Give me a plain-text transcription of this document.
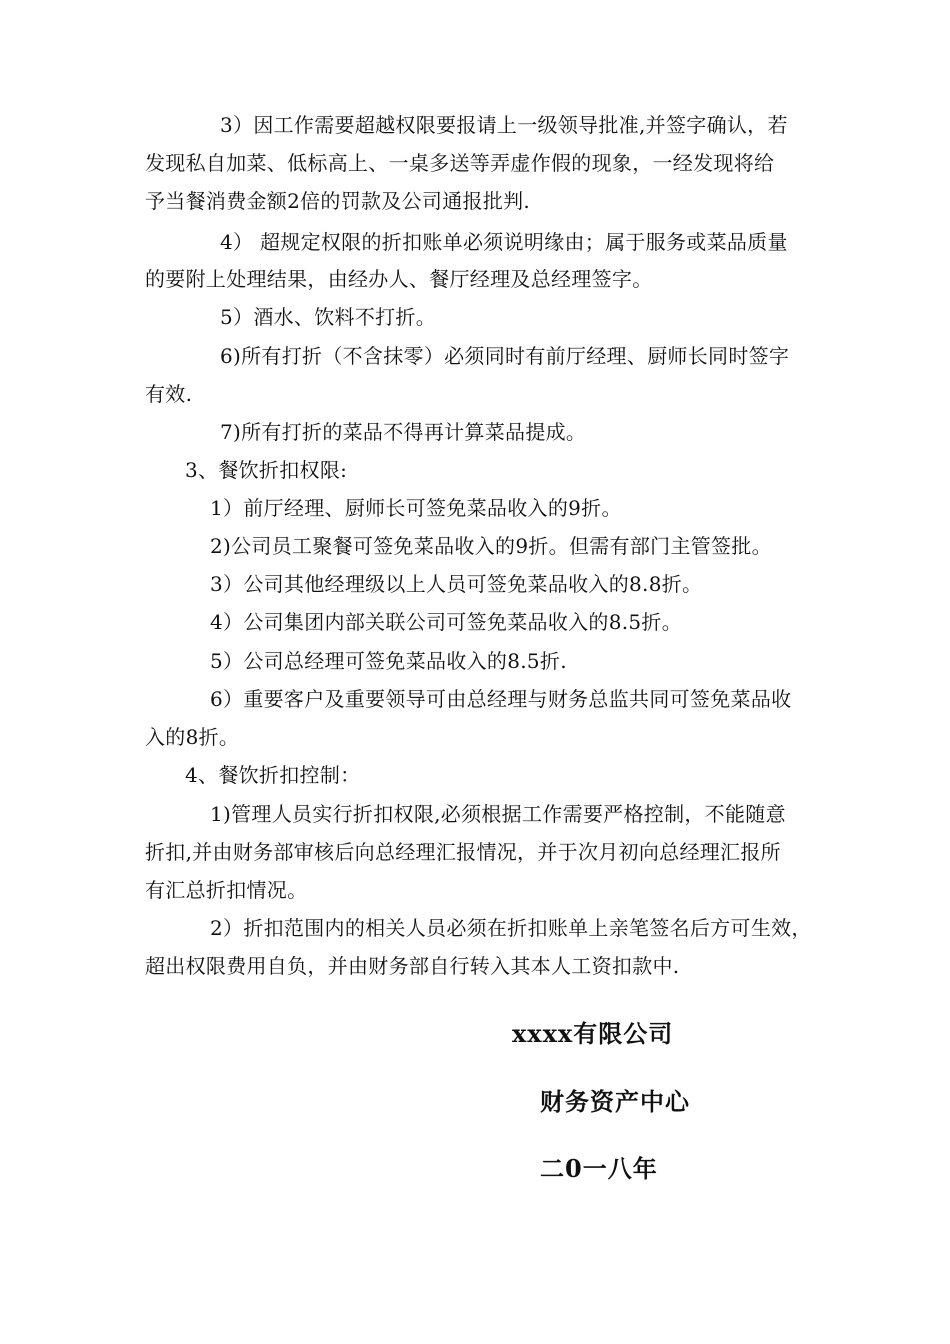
3）因工作需要超越权限要报请上一级领导批准,并签字确认，若
发现私自加菜、低标高上、一桌多送等弄虚作假的现象，一经发现将给
予当餐消费金额2倍的罚款及公司通报批判.
4） 超规定权限的折扣账单必须说明缘由；属于服务或菜品质量
的要附上处理结果，由经办人、餐厅经理及总经理签字。
5）酒水、饮料不打折。
6)所有打折（不含抹零）必须同时有前厅经理、厨师长同时签字
有效.
7)所有打折的菜品不得再计算菜品提成。
3、餐饮折扣权限:
1）前厅经理、厨师长可签免菜品收入的9折。
2)公司员工聚餐可签免菜品收入的9折。但需有部门主管签批。
3）公司其他经理级以上人员可签免菜品收入的8.8折。
4）公司集团内部关联公司可签免菜品收入的8.5折。
5）公司总经理可签免菜品收入的8.5折.
6）重要客户及重要领导可由总经理与财务总监共同可签免菜品收
入的8折。
4、餐饮折扣控制：
1)管理人员实行折扣权限,必须根据工作需要严格控制，不能随意
折扣,并由财务部审核后向总经理汇报情况，并于次月初向总经理汇报所
有汇总折扣情况。
2）折扣范围内的相关人员必须在折扣账单上亲笔签名后方可生效，
超出权限费用自负，并由财务部自行转入其本人工资扣款中.
xxxx有限公司
财务资产中心
二0一八年
